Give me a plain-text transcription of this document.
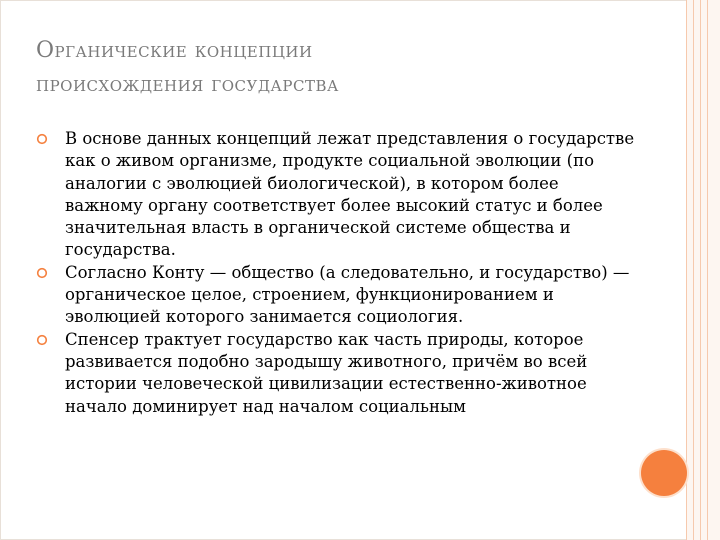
Органические концепции
происхождения государства
В основе данных концепций лежат представления о государстве как о живом организме, продукте социальной эволюции (по аналогии с эволюцией биологической), в котором более важному органу соответствует более высокий статус и более значительная власть в органической системе общества и государства.
Согласно Конту — общество (а следовательно, и государство) — органическое целое, строением, функционированием и эволюцией которого занимается социология.
Спенсер трактует государство как часть природы, которое развивается подобно зародышу животного, причём во всей истории человеческой цивилизации естественно-животное начало доминирует над началом социальным
